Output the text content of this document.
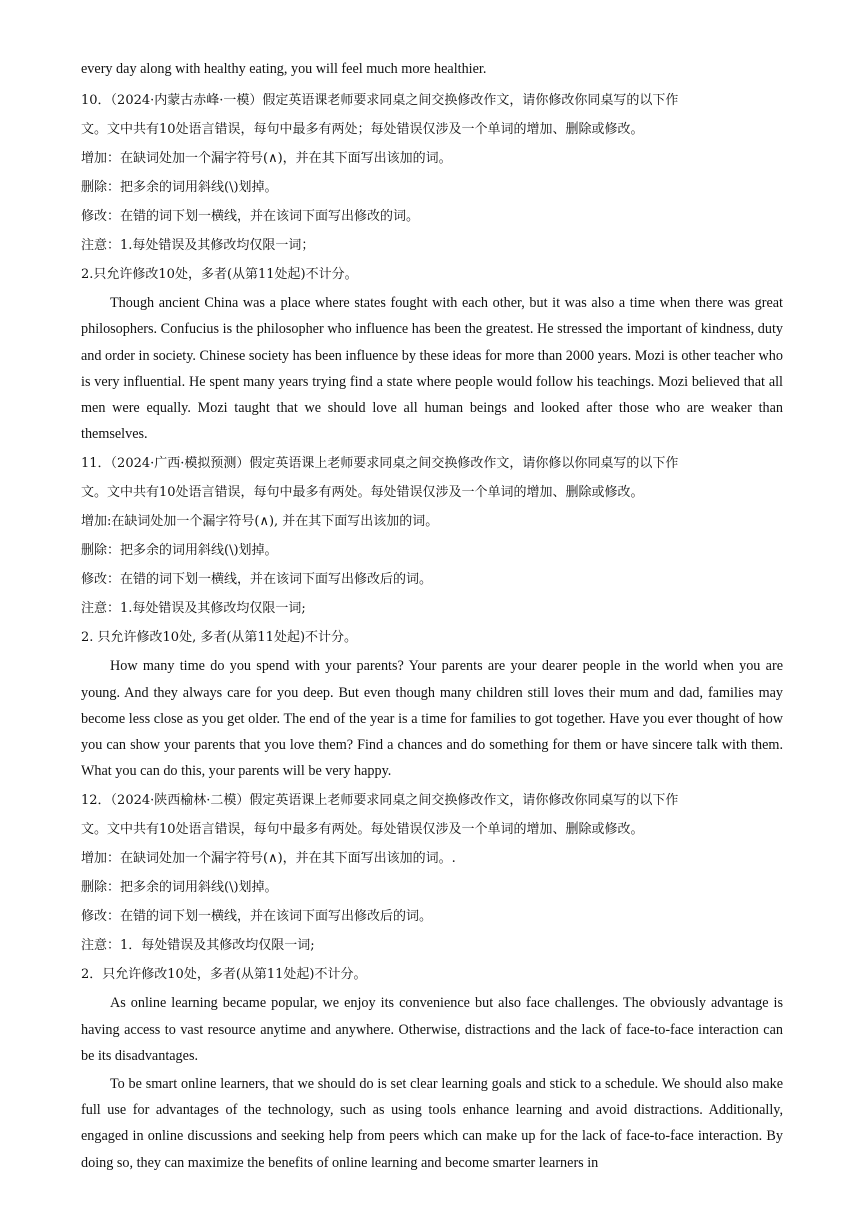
every day along with healthy eating, you will feel much more healthier.
10．（2024·内蒙古赤峰·一模）假定英语课老师要求同桌之间交换修改作文，请你修改你同桌写的以下作
文。文中共有10处语言错误，每句中最多有两处；每处错误仅涉及一个单词的增加、删除或修改。
增加：在缺词处加一个漏字符号(∧)，并在其下面写出该加的词。
删除：把多余的词用斜线(\)划掉。
修改：在错的词下划一横线，并在该词下面写出修改的词。
注意：1.每处错误及其修改均仅限一词；
2.只允许修改10处，多者(从第11处起)不计分。
Though ancient China was a place where states fought with each other, but it was also a time when there was great philosophers. Confucius is the philosopher who influence has been the greatest. He stressed the important of kindness, duty and order in society. Chinese society has been influence by these ideas for more than 2000 years. Mozi is other teacher who is very influential. He spent many years trying find a state where people would follow his teachings. Mozi believed that all men were equally. Mozi taught that we should love all human beings and looked after those who are weaker than themselves.
11．（2024·广西·模拟预测）假定英语课上老师要求同桌之间交换修改作文，请你修以你同桌写的以下作
文。文中共有10处语言错误，每句中最多有两处。每处错误仅涉及一个单词的增加、删除或修改。
增加:在缺词处加一个漏字符号(∧), 并在其下面写出该加的词。
删除：把多余的词用斜线(\)划掉。
修改：在错的词下划一横线，并在该词下面写出修改后的词。
注意：1.每处错误及其修改均仅限一词;
2. 只允许修改10处, 多者(从第11处起)不计分。
How many time do you spend with your parents? Your parents are your dearer people in the world when you are young. And they always care for you deep. But even though many children still loves their mum and dad, families may become less close as you get older. The end of the year is a time for families to got together. Have you ever thought of how you can show your parents that you love them? Find a chances and do something for them or have sincere talk with them. What you can do this, your parents will be very happy.
12．（2024·陕西榆林·二模）假定英语课上老师要求同桌之间交换修改作文，请你修改你同桌写的以下作
文。文中共有10处语言错误，每句中最多有两处。每处错误仅涉及一个单词的增加、删除或修改。
增加：在缺词处加一个漏字符号(∧)，并在其下面写出该加的词。.
删除：把多余的词用斜线(\)划掉。
修改：在错的词下划一横线，并在该词下面写出修改后的词。
注意：1．每处错误及其修改均仅限一词;
2．只允许修改10处，多者(从第11处起)不计分。
As online learning became popular, we enjoy its convenience but also face challenges. The obviously advantage is having access to vast resource anytime and anywhere. Otherwise, distractions and the lack of face-to-face interaction can be its disadvantages.
To be smart online learners, that we should do is set clear learning goals and stick to a schedule. We should also make full use for advantages of the technology, such as using tools enhance learning and avoid distractions. Additionally, engaged in online discussions and seeking help from peers which can make up for the lack of face-to-face interaction. By doing so, they can maximize the benefits of online learning and become smarter learners in
